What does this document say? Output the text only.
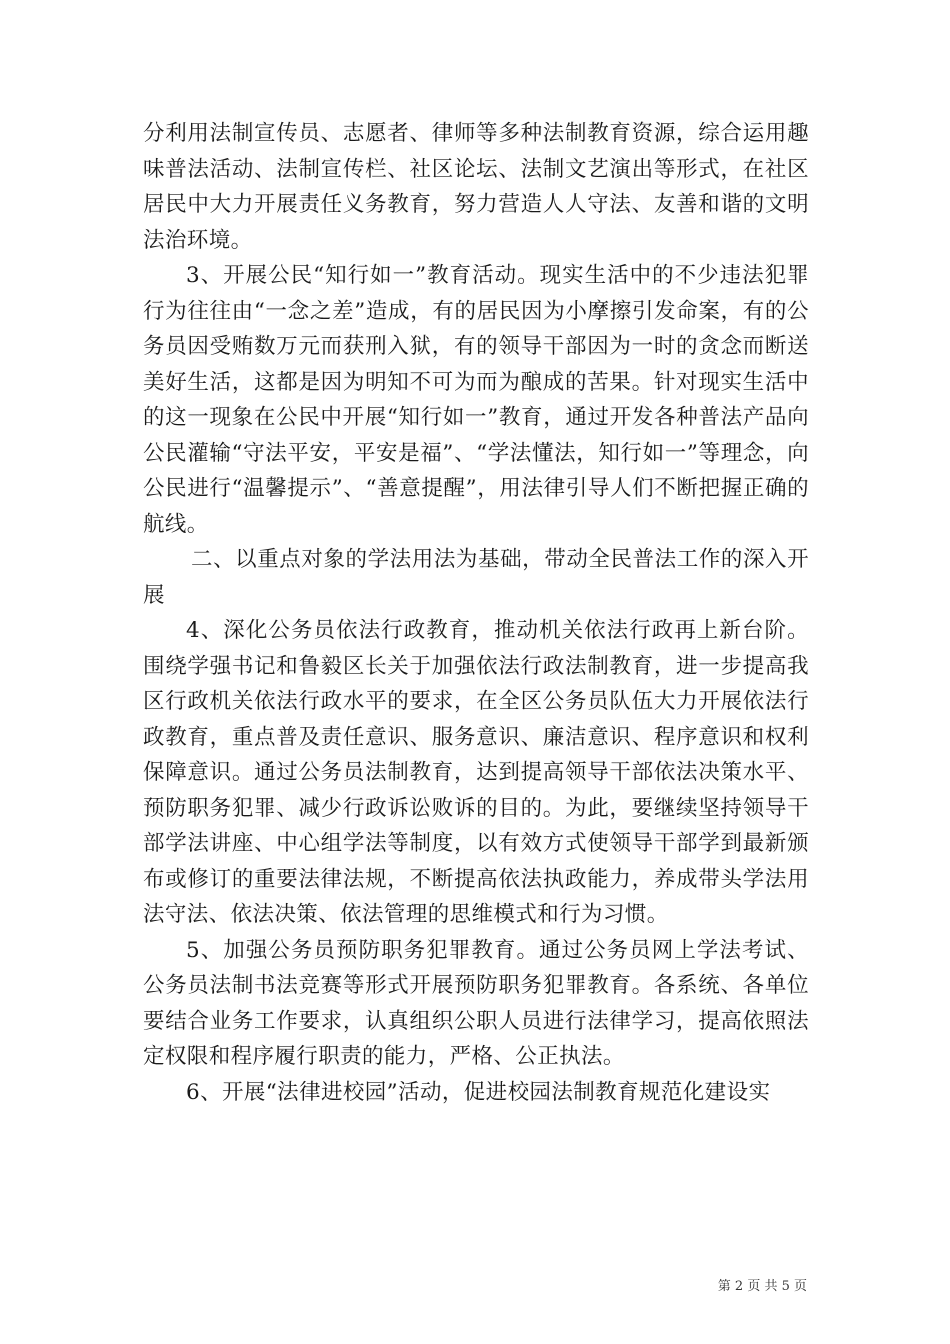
分利用法制宣传员、志愿者、律师等多种法制教育资源，综合运用趣味普法活动、法制宣传栏、社区论坛、法制文艺演出等形式，在社区居民中大力开展责任义务教育，努力营造人人守法、友善和谐的文明法治环境。

3、开展公民“知行如一”教育活动。现实生活中的不少违法犯罪行为往往由“一念之差”造成，有的居民因为小摩擦引发命案，有的公务员因受贿数万元而获刑入狱，有的领导干部因为一时的贪念而断送美好生活，这都是因为明知不可为而为酿成的苦果。针对现实生活中的这一现象在公民中开展“知行如一”教育，通过开发各种普法产品向公民灌输“守法平安，平安是福”、“学法懂法，知行如一”等理念，向公民进行“温馨提示”、“善意提醒”，用法律引导人们不断把握正确的航线。

二、以重点对象的学法用法为基础，带动全民普法工作的深入开展

4、深化公务员依法行政教育，推动机关依法行政再上新台阶。围绕学强书记和鲁毅区长关于加强依法行政法制教育，进一步提高我区行政机关依法行政水平的要求，在全区公务员队伍大力开展依法行政教育，重点普及责任意识、服务意识、廉洁意识、程序意识和权利保障意识。通过公务员法制教育，达到提高领导干部依法决策水平、预防职务犯罪、减少行政诉讼败诉的目的。为此，要继续坚持领导干部学法讲座、中心组学法等制度，以有效方式使领导干部学到最新颁布或修订的重要法律法规，不断提高依法执政能力，养成带头学法用法守法、依法决策、依法管理的思维模式和行为习惯。

5、加强公务员预防职务犯罪教育。通过公务员网上学法考试、公务员法制书法竞赛等形式开展预防职务犯罪教育。各系统、各单位要结合业务工作要求，认真组织公职人员进行法律学习，提高依照法定权限和程序履行职责的能力，严格、公正执法。

6、开展“法律进校园”活动，促进校园法制教育规范化建设实

第 2 页 共 5 页
